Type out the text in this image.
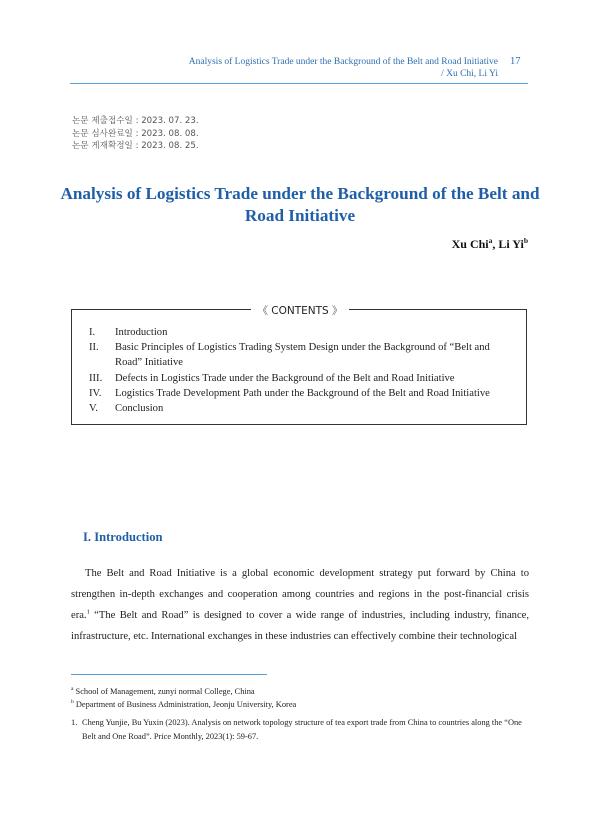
Analysis of Logistics Trade under the Background of the Belt and Road Initiative
/ Xu Chi, Li Yi
17
논문 제출접수일 : 2023. 07. 23.
논문 심사완료일 : 2023. 08. 08.
논문 게재확정일 : 2023. 08. 25.
Analysis of Logistics Trade under the Background of the Belt and
Road Initiative
Xu Chi$^a$, Li Yi$^b$
《 CONTENTS 》
I.	Introduction
II.	Basic Principles of Logistics Trading System Design under the Background of “Belt and Road” Initiative
III.	Defects in Logistics Trade under the Background of the Belt and Road Initiative
IV.	Logistics Trade Development Path under the Background of the Belt and Road Initiative
V.	Conclusion
I. Introduction
The Belt and Road Initiative is a global economic development strategy put forward by China to strengthen in-depth exchanges and cooperation among countries and regions in the post-financial crisis era.$^1$ “The Belt and Road” is designed to cover a wide range of industries, including industry, finance, infrastructure, etc. International exchanges in these industries can effectively combine their technological
$^a$ School of Management, zunyi normal College, China
$^b$ Department of Business Administration, Jeonju University, Korea
1. Cheng Yunjie, Bu Yuxin (2023). Analysis on network topology structure of tea export trade from China to countries along the “One Belt and One Road”. Price Monthly, 2023(1): 59-67.
